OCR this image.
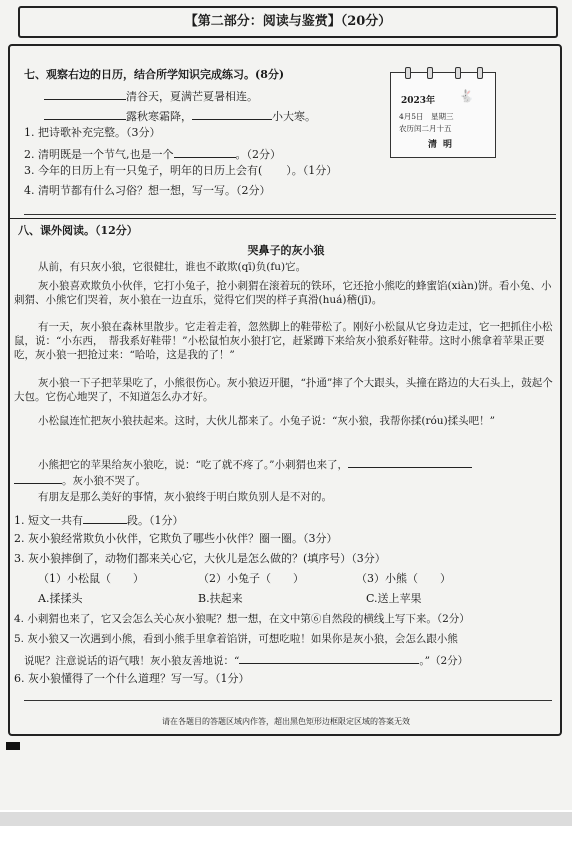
【第二部分：阅读与鉴赏】（20分）
七、观察右边的日历，结合所学知识完成练习。(8分)
清谷天，夏满芒夏暑相连。
露秋寒霜降，	小大寒。
1. 把诗歌补充完整。（3分）
2. 清明既是一个节气,也是一个	。（2分）
3. 今年的日历上有一只兔子，明年的日历上会有( ）。（1分）
4. 清明节都有什么习俗？想一想，写一写。（2分）
2023年 🐇
4月5日　星期三
农历闰二月十五
清明
八、课外阅读。（12分）
哭鼻子的灰小狼
从前，有只灰小狼，它很健壮，谁也不敢欺(qī)负(fu)它。
灰小狼喜欢欺负小伙伴，它打小兔子，抢小刺猬在滚着玩的铁环，它还抢小熊吃的蜂蜜馅(xiàn)饼。看小兔、小刺猬、小熊它们哭着，灰小狼在一边直乐，觉得它们哭的样子真滑(huá)稽(jī)。
有一天，灰小狼在森林里散步。它走着走着，忽然脚上的鞋带松了。刚好小松鼠从它身边走过，它一把抓住小松鼠，说：“小东西，　帮我系好鞋带！”小松鼠怕灰小狼打它，赶紧蹲下来给灰小狼系好鞋带。这时小熊拿着苹果正要吃，灰小狼一把抢过来：“哈哈，这是我的了！”
灰小狼一下子把苹果吃了，小熊很伤心。灰小狼迈开腿，“扑通”摔了个大跟头，头撞在路边的大石头上，鼓起个大包。它伤心地哭了，不知道怎么办才好。
小松鼠连忙把灰小狼扶起来。这时，大伙儿都来了。小兔子说：“灰小狼，我帮你揉(róu)揉头吧！”
小熊把它的苹果给灰小狼吃，说：“吃了就不疼了。”小刺猬也来了，
。灰小狼不哭了。
有朋友是那么美好的事情，灰小狼终于明白欺负别人是不对的。
1. 短文一共有	段。（1分）
2. 灰小狼经常欺负小伙伴，它欺负了哪些小伙伴？圈一圈。（3分）
3. 灰小狼摔倒了，动物们都来关心它，大伙儿是怎么做的？(填序号）（3分）
（1）小松鼠（　　）	（2）小兔子（　　）	（3）小熊（　　）
A.揉揉头	B.扶起来	C.送上苹果
4. 小刺猬也来了，它又会怎么关心灰小狼呢？想一想，在文中第⑥自然段的横线上写下来。（2分）
5. 灰小狼又一次遇到小熊，看到小熊手里拿着馅饼，可想吃啦！如果你是灰小狼，会怎么跟小熊
说呢？注意说话的语气哦！灰小狼友善地说：“	。”（2分）
6. 灰小狼懂得了一个什么道理？写一写。（1分）
请在各题目的答题区域内作答，超出黑色矩形边框限定区域的答案无效
